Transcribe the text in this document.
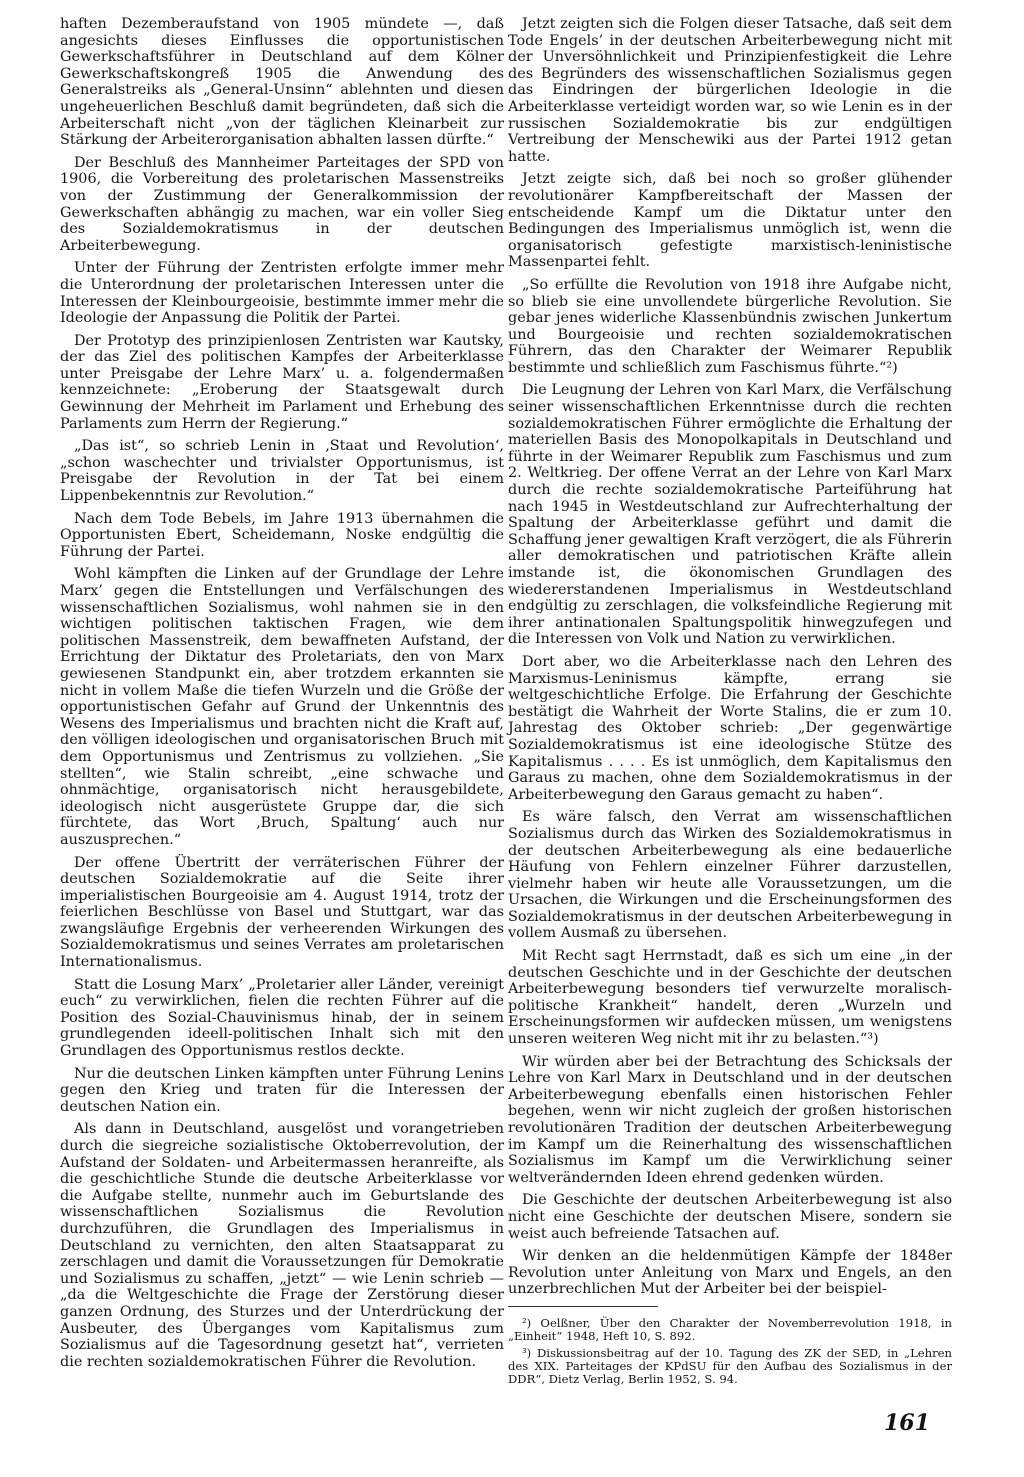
haften Dezemberaufstand von 1905 mündete —, daß angesichts dieses Einflusses die opportunistischen Gewerkschaftsführer in Deutschland auf dem Kölner Gewerkschaftskongreß 1905 die Anwendung des Generalstreiks als „General-Unsinn“ ablehnten und diesen ungeheuerlichen Beschluß damit begründeten, daß sich die Arbeiterschaft nicht „von der täglichen Kleinarbeit zur Stärkung der Arbeiterorganisation abhalten lassen dürfte.“

Der Beschluß des Mannheimer Parteitages der SPD von 1906, die Vorbereitung des proletarischen Massenstreiks von der Zustimmung der Generalkommission der Gewerkschaften abhängig zu machen, war ein voller Sieg des Sozialdemokratismus in der deutschen Arbeiterbewegung.

Unter der Führung der Zentristen erfolgte immer mehr die Unterordnung der proletarischen Interessen unter die Interessen der Kleinbourgeoisie, bestimmte immer mehr die Ideologie der Anpassung die Politik der Partei.

Der Prototyp des prinzipienlosen Zentristen war Kautsky, der das Ziel des politischen Kampfes der Arbeiterklasse unter Preisgabe der Lehre Marx’ u. a. folgendermaßen kennzeichnete: „Eroberung der Staatsgewalt durch Gewinnung der Mehrheit im Parlament und Erhebung des Parlaments zum Herrn der Regierung.“

„Das ist“, so schrieb Lenin in ‚Staat und Revolution‘, „schon waschechter und trivialster Opportunismus, ist Preisgabe der Revolution in der Tat bei einem Lippenbekenntnis zur Revolution.“

Nach dem Tode Bebels, im Jahre 1913 übernahmen die Opportunisten Ebert, Scheidemann, Noske endgültig die Führung der Partei.

Wohl kämpften die Linken auf der Grundlage der Lehre Marx’ gegen die Entstellungen und Verfälschungen des wissenschaftlichen Sozialismus, wohl nahmen sie in den wichtigen politischen taktischen Fragen, wie dem politischen Massenstreik, dem bewaffneten Aufstand, der Errichtung der Diktatur des Proletariats, den von Marx gewiesenen Standpunkt ein, aber trotzdem erkannten sie nicht in vollem Maße die tiefen Wurzeln und die Größe der opportunistischen Gefahr auf Grund der Unkenntnis des Wesens des Imperialismus und brachten nicht die Kraft auf, den völligen ideologischen und organisatorischen Bruch mit dem Opportunismus und Zentrismus zu vollziehen. „Sie stellten“, wie Stalin schreibt, „eine schwache und ohnmächtige, organisatorisch nicht herausgebildete, ideologisch nicht ausgerüstete Gruppe dar, die sich fürchtete, das Wort ‚Bruch, Spaltung‘ auch nur auszusprechen.“

Der offene Übertritt der verräterischen Führer der deutschen Sozialdemokratie auf die Seite ihrer imperialistischen Bourgeoisie am 4. August 1914, trotz der feierlichen Beschlüsse von Basel und Stuttgart, war das zwangsläufige Ergebnis der verheerenden Wirkungen des Sozialdemokratismus und seines Verrates am proletarischen Internationalismus.

Statt die Losung Marx’ „Proletarier aller Länder, vereinigt euch“ zu verwirklichen, fielen die rechten Führer auf die Position des Sozial-Chauvinismus hinab, der in seinem grundlegenden ideell-politischen Inhalt sich mit den Grundlagen des Opportunismus restlos deckte.

Nur die deutschen Linken kämpften unter Führung Lenins gegen den Krieg und traten für die Interessen der deutschen Nation ein.

Als dann in Deutschland, ausgelöst und vorangetrieben durch die siegreiche sozialistische Oktoberrevolution, der Aufstand der Soldaten- und Arbeitermassen heranreifte, als die geschichtliche Stunde die deutsche Arbeiterklasse vor die Aufgabe stellte, nunmehr auch im Geburtslande des wissenschaftlichen Sozialismus die Revolution durchzuführen, die Grundlagen des Imperialismus in Deutschland zu vernichten, den alten Staatsapparat zu zerschlagen und damit die Voraussetzungen für Demokratie und Sozialismus zu schaffen, „jetzt“ — wie Lenin schrieb — „da die Weltgeschichte die Frage der Zerstörung dieser ganzen Ordnung, des Sturzes und der Unterdrückung der Ausbeuter, des Überganges vom Kapitalismus zum Sozialismus auf die Tagesordnung gesetzt hat“, verrieten die rechten sozialdemokratischen Führer die Revolution.

Jetzt zeigten sich die Folgen dieser Tatsache, daß seit dem Tode Engels’ in der deutschen Arbeiterbewegung nicht mit der Unversöhnlichkeit und Prinzipienfestigkeit die Lehre des Begründers des wissenschaftlichen Sozialismus gegen das Eindringen der bürgerlichen Ideologie in die Arbeiterklasse verteidigt worden war, so wie Lenin es in der russischen Sozialdemokratie bis zur endgültigen Vertreibung der Menschewiki aus der Partei 1912 getan hatte.

Jetzt zeigte sich, daß bei noch so großer glühender revolutionärer Kampfbereitschaft der Massen der entscheidende Kampf um die Diktatur unter den Bedingungen des Imperialismus unmöglich ist, wenn die organisatorisch gefestigte marxistisch-leninistische Massenpartei fehlt.

„So erfüllte die Revolution von 1918 ihre Aufgabe nicht, so blieb sie eine unvollendete bürgerliche Revolution. Sie gebar jenes widerliche Klassenbündnis zwischen Junkertum und Bourgeoisie und rechten sozialdemokratischen Führern, das den Charakter der Weimarer Republik bestimmte und schließlich zum Faschismus führte.“²)

Die Leugnung der Lehren von Karl Marx, die Verfälschung seiner wissenschaftlichen Erkenntnisse durch die rechten sozialdemokratischen Führer ermöglichte die Erhaltung der materiellen Basis des Monopolkapitals in Deutschland und führte in der Weimarer Republik zum Faschismus und zum 2. Weltkrieg. Der offene Verrat an der Lehre von Karl Marx durch die rechte sozialdemokratische Parteiführung hat nach 1945 in Westdeutschland zur Aufrechterhaltung der Spaltung der Arbeiterklasse geführt und damit die Schaffung jener gewaltigen Kraft verzögert, die als Führerin aller demokratischen und patriotischen Kräfte allein imstande ist, die ökonomischen Grundlagen des wiedererstandenen Imperialismus in Westdeutschland endgültig zu zerschlagen, die volksfeindliche Regierung mit ihrer antinationalen Spaltungspolitik hinwegzufegen und die Interessen von Volk und Nation zu verwirklichen.

Dort aber, wo die Arbeiterklasse nach den Lehren des Marxismus-Leninismus kämpfte, errang sie weltgeschichtliche Erfolge. Die Erfahrung der Geschichte bestätigt die Wahrheit der Worte Stalins, die er zum 10. Jahrestag des Oktober schrieb: „Der gegenwärtige Sozialdemokratismus ist eine ideologische Stütze des Kapitalismus . . . . Es ist unmöglich, dem Kapitalismus den Garaus zu machen, ohne dem Sozialdemokratismus in der Arbeiterbewegung den Garaus gemacht zu haben“.

Es wäre falsch, den Verrat am wissenschaftlichen Sozialismus durch das Wirken des Sozialdemokratismus in der deutschen Arbeiterbewegung als eine bedauerliche Häufung von Fehlern einzelner Führer darzustellen, vielmehr haben wir heute alle Voraussetzungen, um die Ursachen, die Wirkungen und die Erscheinungsformen des Sozialdemokratismus in der deutschen Arbeiterbewegung in vollem Ausmaß zu übersehen.

Mit Recht sagt Herrnstadt, daß es sich um eine „in der deutschen Geschichte und in der Geschichte der deutschen Arbeiterbewegung besonders tief verwurzelte moralisch-politische Krankheit“ handelt, deren „Wurzeln und Erscheinungsformen wir aufdecken müssen, um wenigstens unseren weiteren Weg nicht mit ihr zu belasten.“³)

Wir würden aber bei der Betrachtung des Schicksals der Lehre von Karl Marx in Deutschland und in der deutschen Arbeiterbewegung ebenfalls einen historischen Fehler begehen, wenn wir nicht zugleich der großen historischen revolutionären Tradition der deutschen Arbeiterbewegung im Kampf um die Reinerhaltung des wissenschaftlichen Sozialismus im Kampf um die Verwirklichung seiner weltverändernden Ideen ehrend gedenken würden.

Die Geschichte der deutschen Arbeiterbewegung ist also nicht eine Geschichte der deutschen Misere, sondern sie weist auch befreiende Tatsachen auf.

Wir denken an die heldenmütigen Kämpfe der 1848er Revolution unter Anleitung von Marx und Engels, an den unzerbrechlichen Mut der Arbeiter bei der beispiel-

²) Oelßner, Über den Charakter der Novemberrevolution 1918, in „Einheit“ 1948, Heft 10, S. 892.

³) Diskussionsbeitrag auf der 10. Tagung des ZK der SED, in „Lehren des XIX. Parteitages der KPdSU für den Aufbau des Sozialismus in der DDR“, Dietz Verlag, Berlin 1952, S. 94.

161
